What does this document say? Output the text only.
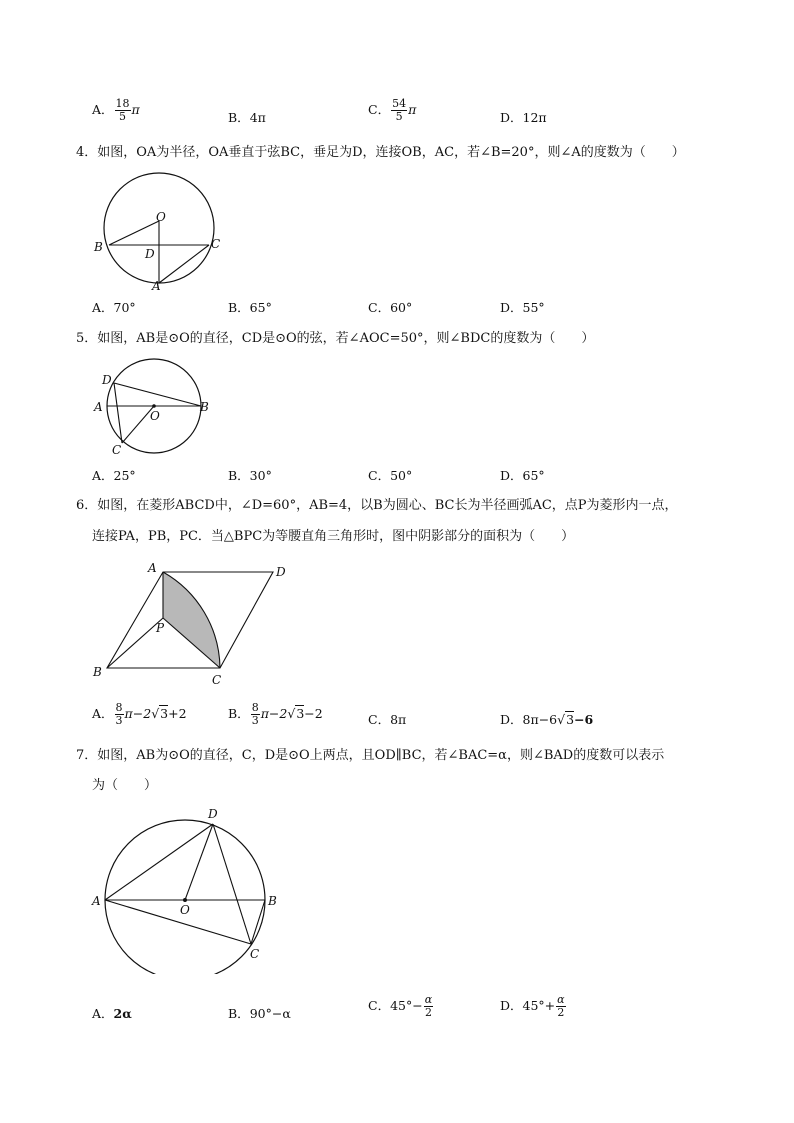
A． $\frac{18}{5}$ π
B．4π
C． $\frac{54}{5}$ π
D．12π
4．如图，OA为半径，OA垂直于弦BC，垂足为D，连接OB，AC，若∠B=20°，则∠A的度数为（　　）
O
B	C
D
A
A．70°	B．65°	C．60°	D．55°
5．如图，AB是⊙O的直径，CD是⊙O的弦，若∠AOC=50°，则∠BDC的度数为（　　）
D
A
O
B
C
A．25°	B．30°	C．50°	D．65°
6．如图，在菱形ABCD中，∠D=60°，AB=4，以B为圆心、BC长为半径画弧AC，点P为菱形内一点，
连接PA，PB，PC．当△BPC为等腰直角三角形时，图中阴影部分的面积为（　　）
A	D
P
B
C
A． $\frac{8}{3} \pi-2√3+2$	B． $\frac{8}{3} \pi-2√3-2$	C．8π	D．8π−6√3−6
7．如图，AB为⊙O的直径，C，D是⊙O上两点，且OD∥BC，若∠BAC=α，则∠BAD的度数可以表示
为（　　）
D
A
O
B
C
A．2α	B．90°−α
C．$45^\circ- \frac{\alpha}{2}$	D．$45^\circ+ \frac{\alpha}{2}$
